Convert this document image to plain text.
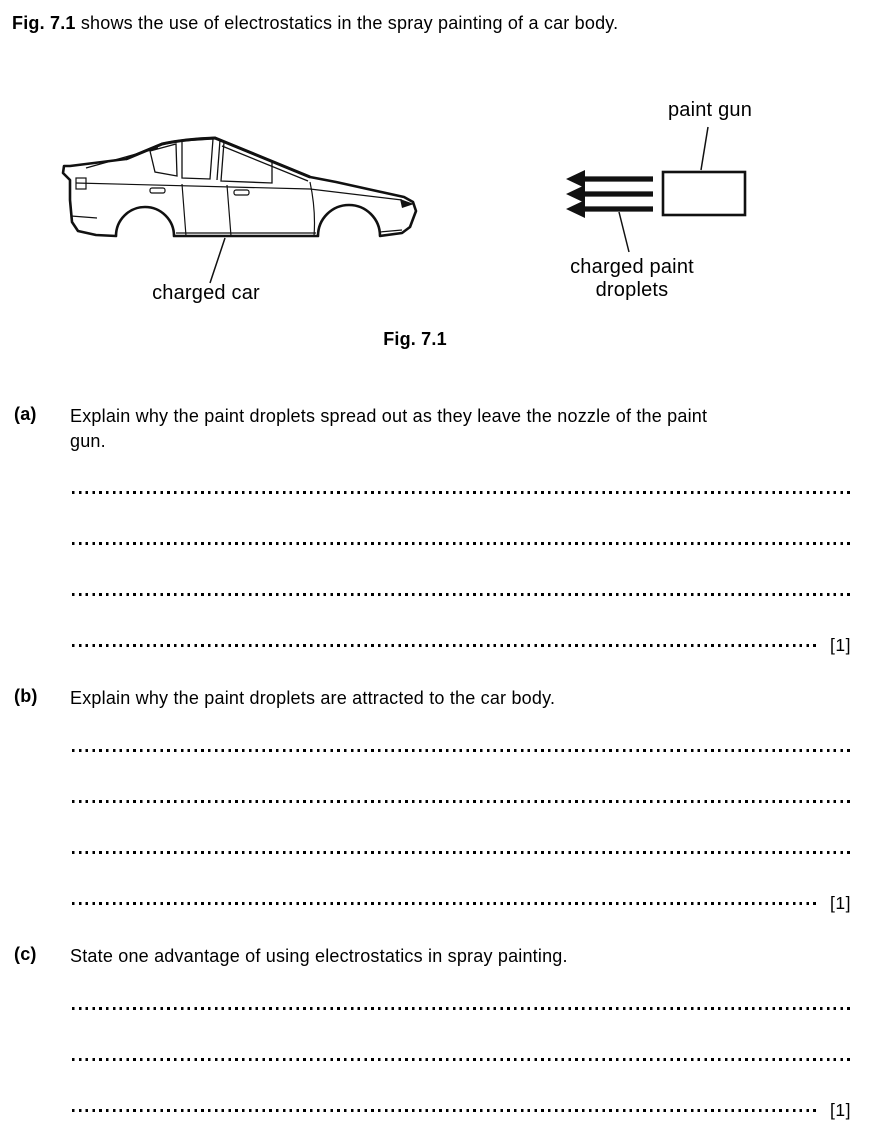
Fig. 7.1 shows the use of electrostatics in the spray painting of a car body.
paint gun
charged paint droplets
charged car
Fig. 7.1
(a) Explain why the paint droplets spread out as they leave the nozzle of the paint
gun.
[1]
(b) Explain why the paint droplets are attracted to the car body.
[1]
(c) State one advantage of using electrostatics in spray painting.
[1]
